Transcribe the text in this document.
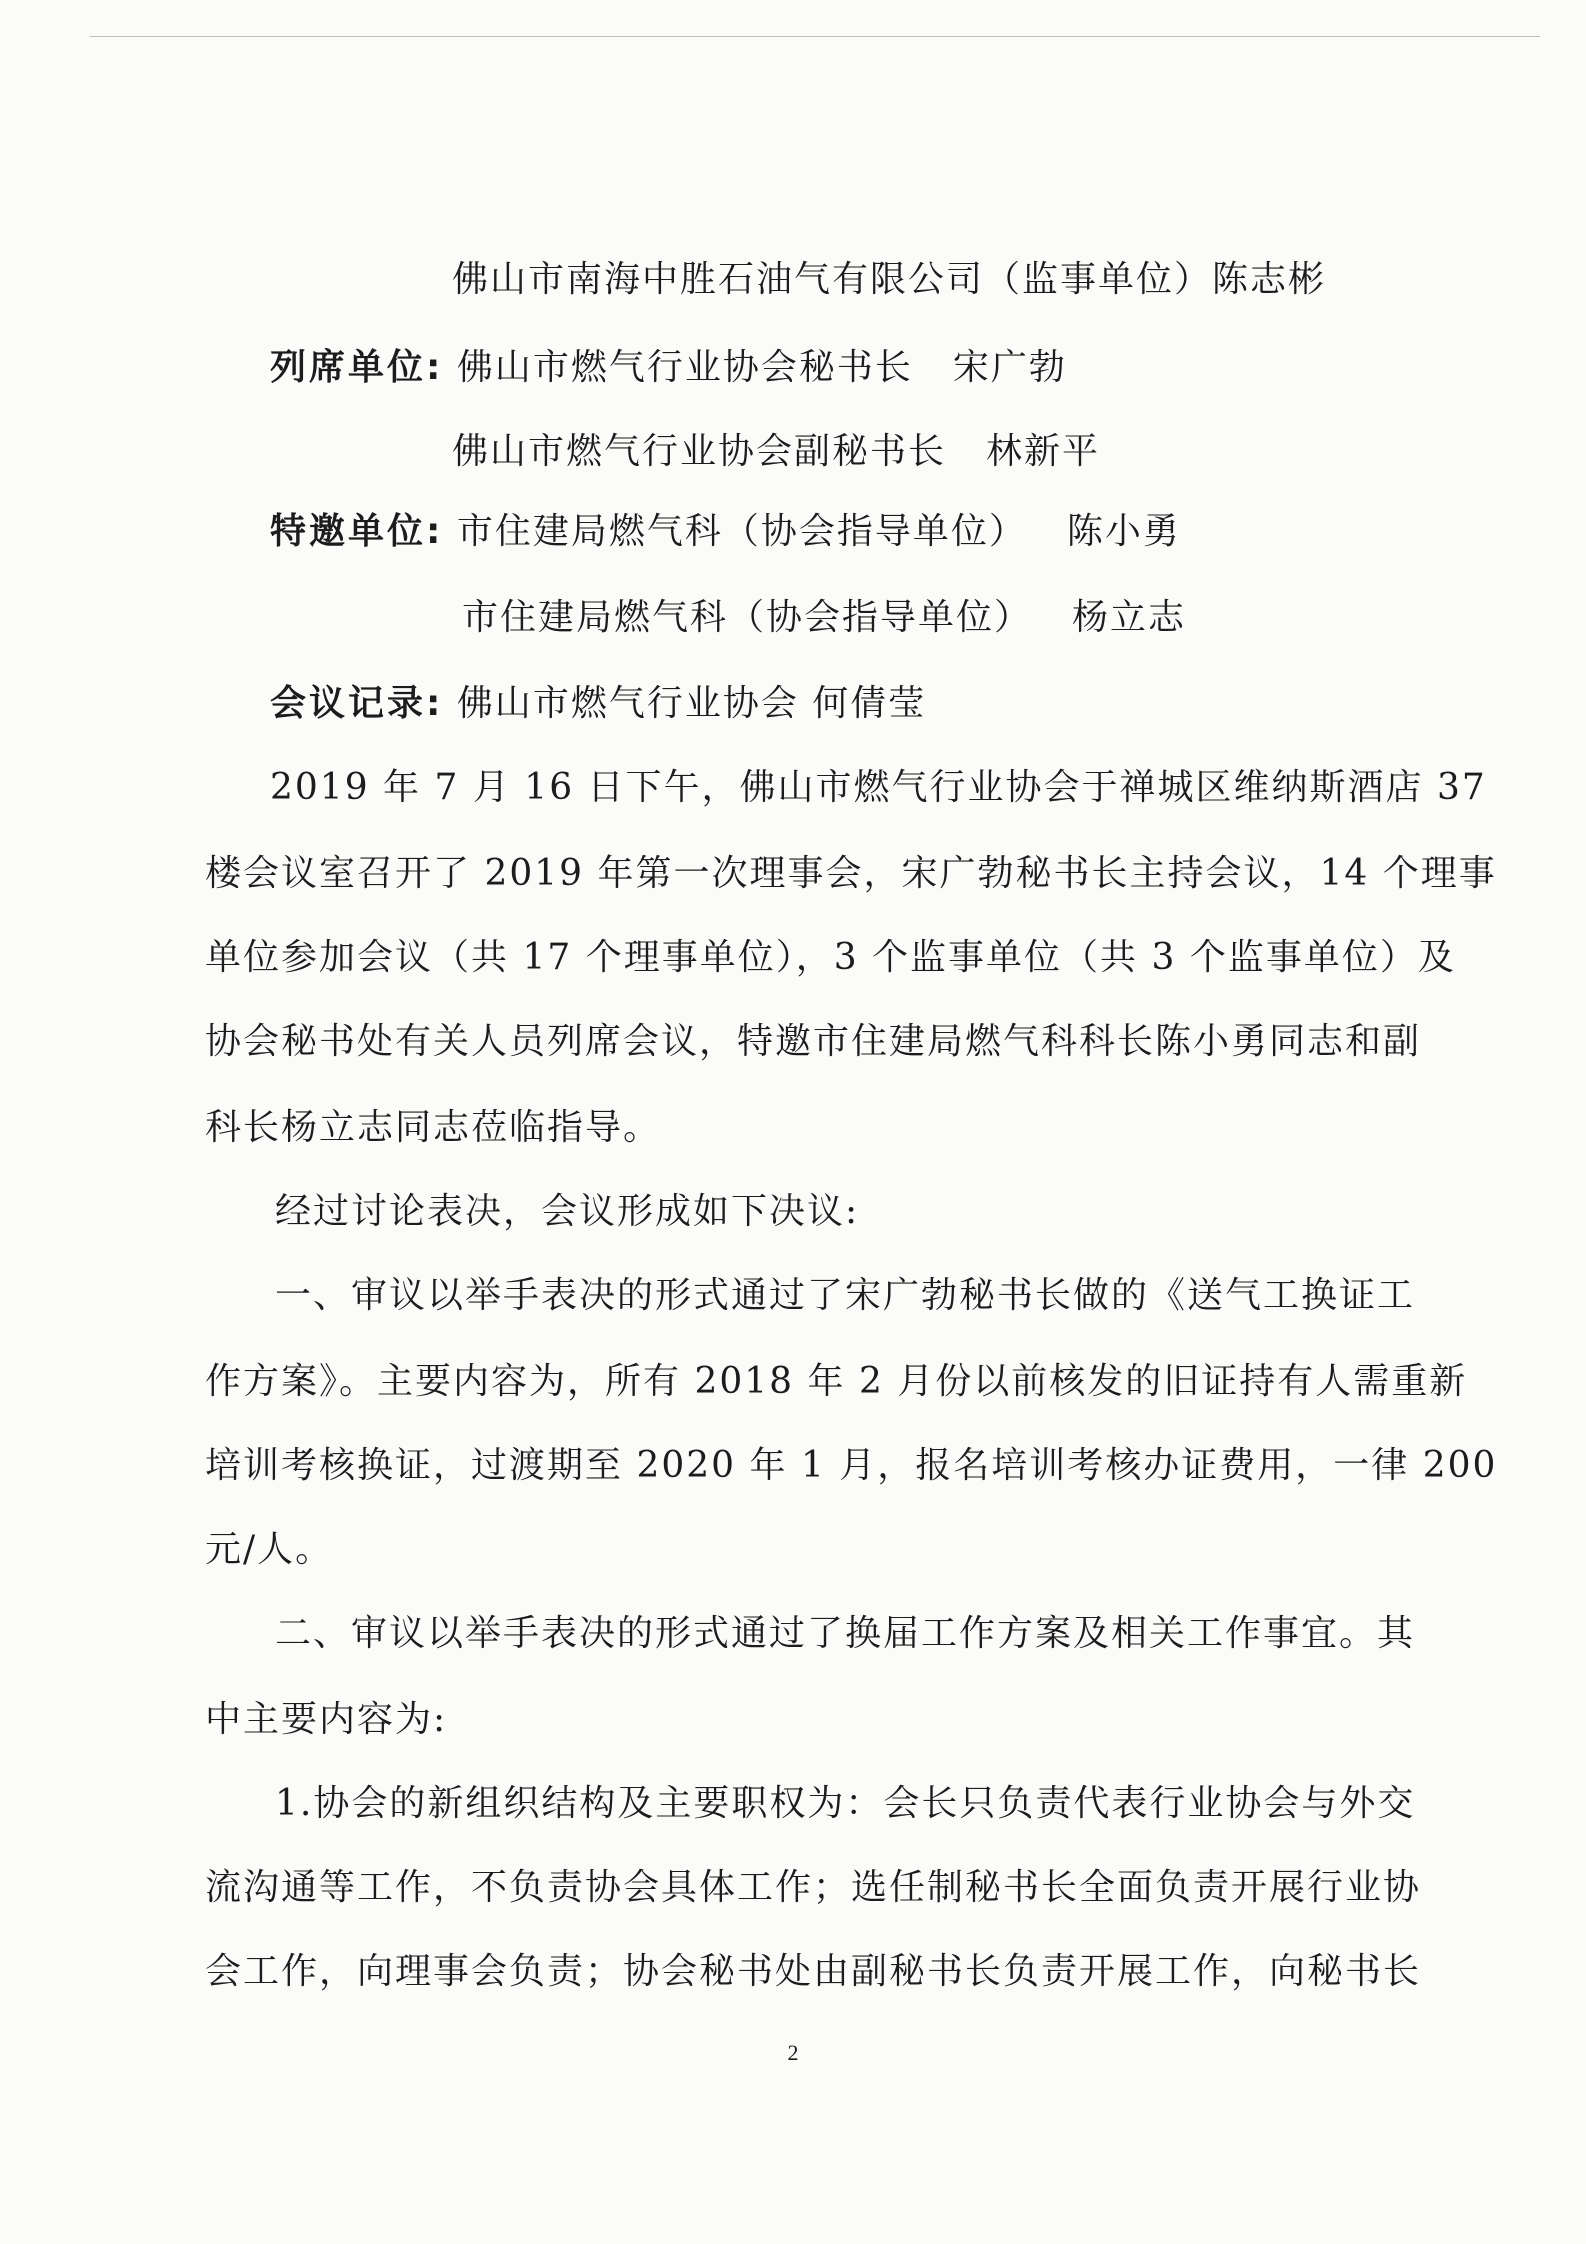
佛山市南海中胜石油气有限公司（监事单位）陈志彬
列席单位: 佛山市燃气行业协会秘书长 宋广勃
佛山市燃气行业协会副秘书长 林新平
特邀单位: 市住建局燃气科（协会指导单位） 陈小勇
市住建局燃气科（协会指导单位） 杨立志
会议记录: 佛山市燃气行业协会 何倩莹
2019 年 7 月 16 日下午，佛山市燃气行业协会于禅城区维纳斯酒店 37
楼会议室召开了 2019 年第一次理事会，宋广勃秘书长主持会议，14 个理事
单位参加会议（共 17 个理事单位），3 个监事单位（共 3 个监事单位）及
协会秘书处有关人员列席会议，特邀市住建局燃气科科长陈小勇同志和副
科长杨立志同志莅临指导。
经过讨论表决，会议形成如下决议:
一、审议以举手表决的形式通过了宋广勃秘书长做的《送气工换证工
作方案》。主要内容为，所有 2018 年 2 月份以前核发的旧证持有人需重新
培训考核换证，过渡期至 2020 年 1 月，报名培训考核办证费用，一律 200
元/人。
二、审议以举手表决的形式通过了换届工作方案及相关工作事宜。其
中主要内容为:
1.协会的新组织结构及主要职权为：会长只负责代表行业协会与外交
流沟通等工作，不负责协会具体工作；选任制秘书长全面负责开展行业协
会工作，向理事会负责；协会秘书处由副秘书长负责开展工作，向秘书长
2
